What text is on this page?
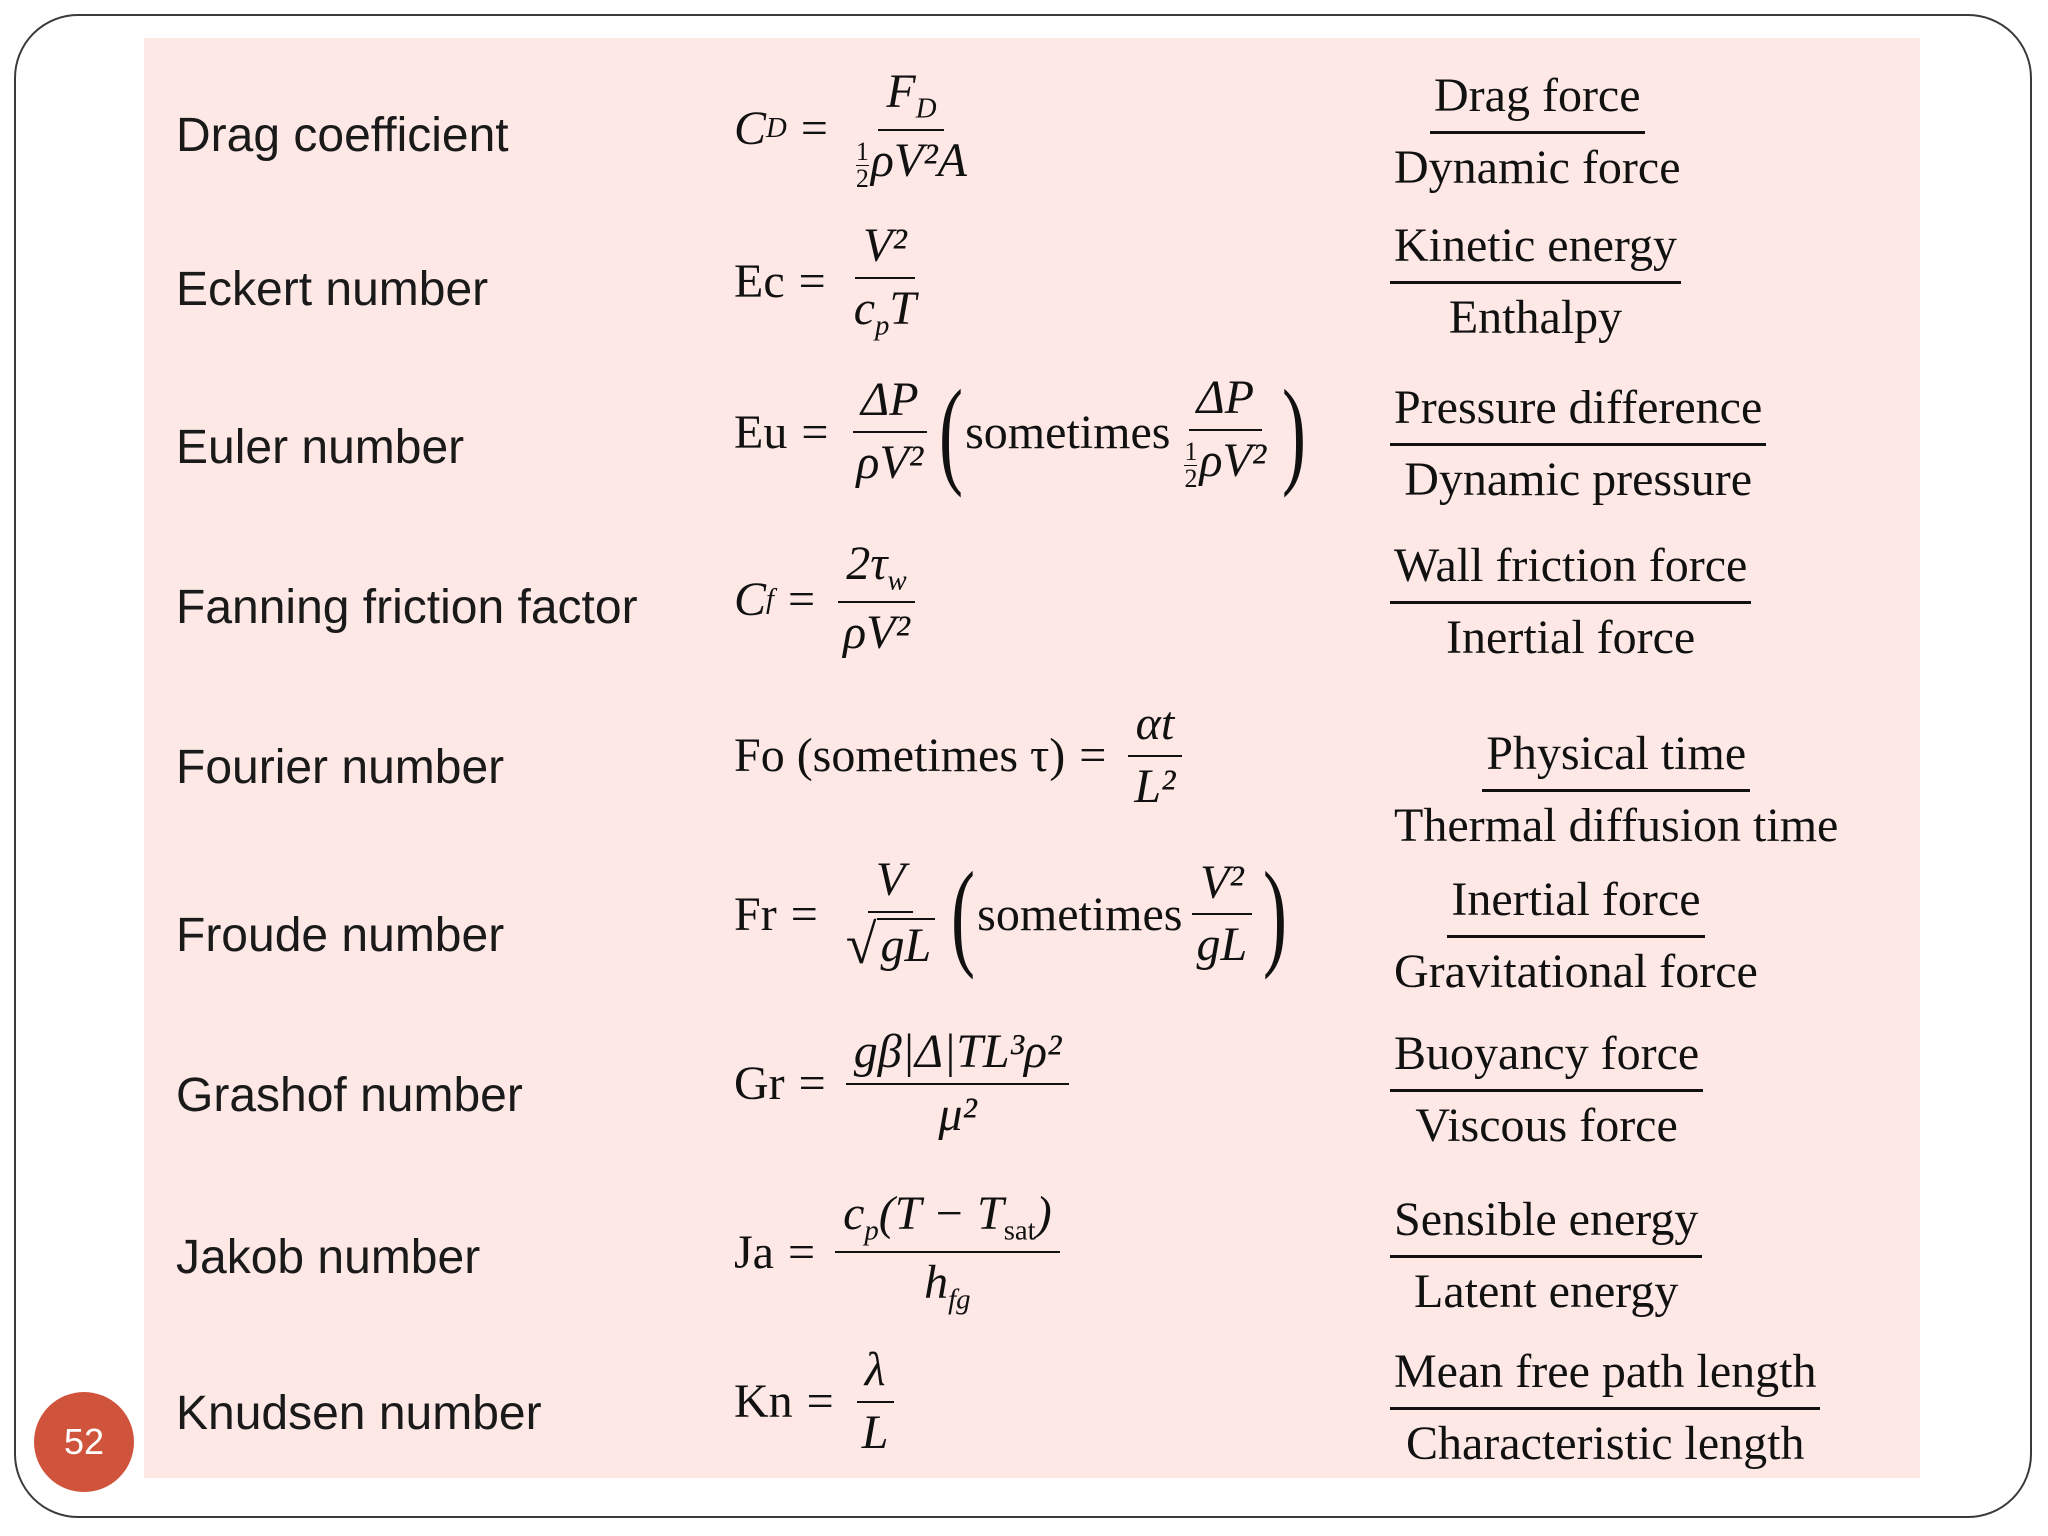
Drag coefficient	C $D = \frac{F_D}{\frac{1}{2} \rho V^2A}$	Drag force
Dynamic force
Eckert number	$Ec = \frac{\text{V²}}{c_pT}$	Kinetic energy
Enthalpy
Euler number	$Eu = \frac{\Delta P}{\text{ρV²}}$ ( sometimes $\frac{\Delta P}{\frac{1}{2} \rho V^2}$ ) Pressure difference
Dynamic pressure
Fanning friction factor C $f = \frac{2\tau_w}{\text{ρV²}}$	Wall friction force
Inertial force
Fourier number	Fo (sometimes $\tau) = \frac{\alpha t}{\text{L²}}$	Physical time
Thermal diffusion time
Froude number	$Fr = \frac{V}{√ gL}$ ( sometimes $\frac{\text{V²}}{gL}$ )	Inertial force
Gravitational force
Grashof number	$Gr = \frac{\text{gβ|Δ|TL³ρ²}}{\text{μ²}}$	Buoyancy force
Viscous force
Jakob number	$Ja = \frac{c_p(T - T_{sat})}{h_{fg}}$	Sensible energy
Latent energy
Knudsen number	$Kn = \frac{\lambda}{L}$	Mean free path length
Characteristic length
52
